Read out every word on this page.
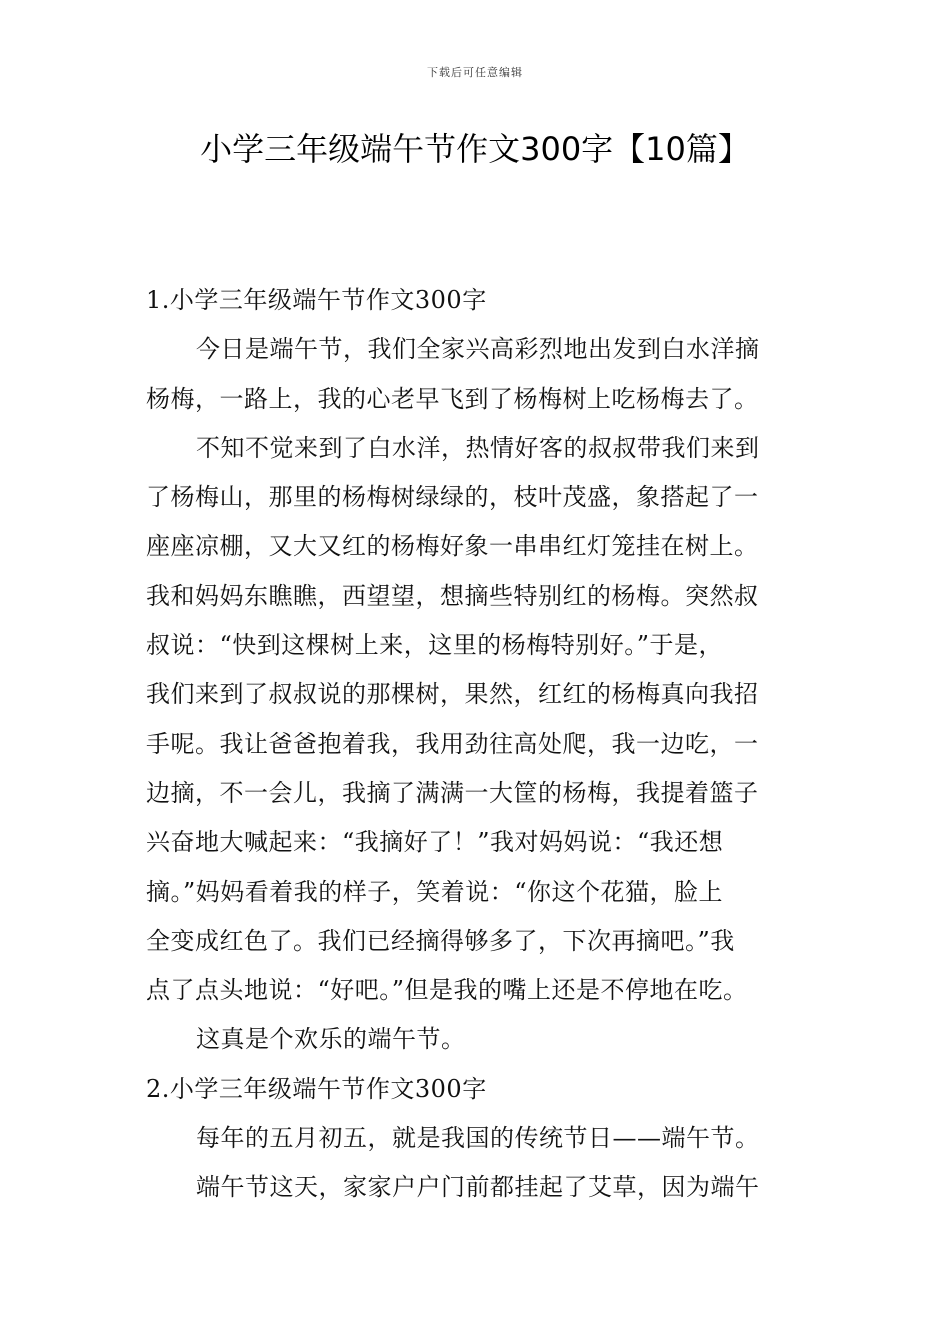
下载后可任意编辑
小学三年级端午节作文300字【10篇】
1.小学三年级端午节作文300字
今日是端午节，我们全家兴高彩烈地出发到白水洋摘
杨梅，一路上，我的心老早飞到了杨梅树上吃杨梅去了。
不知不觉来到了白水洋，热情好客的叔叔带我们来到
了杨梅山，那里的杨梅树绿绿的，枝叶茂盛，象搭起了一
座座凉棚，又大又红的杨梅好象一串串红灯笼挂在树上。
我和妈妈东瞧瞧，西望望，想摘些特别红的杨梅。突然叔
叔说：“快到这棵树上来，这里的杨梅特别好。”于是，
我们来到了叔叔说的那棵树，果然，红红的杨梅真向我招
手呢。我让爸爸抱着我，我用劲往高处爬，我一边吃，一
边摘，不一会儿，我摘了满满一大筐的杨梅，我提着篮子
兴奋地大喊起来：“我摘好了！”我对妈妈说：“我还想
摘。”妈妈看着我的样子，笑着说：“你这个花猫，脸上
全变成红色了。我们已经摘得够多了，下次再摘吧。”我
点了点头地说：“好吧。”但是我的嘴上还是不停地在吃。
这真是个欢乐的端午节。
2.小学三年级端午节作文300字
每年的五月初五，就是我国的传统节日——端午节。
端午节这天，家家户户门前都挂起了艾草，因为端午
